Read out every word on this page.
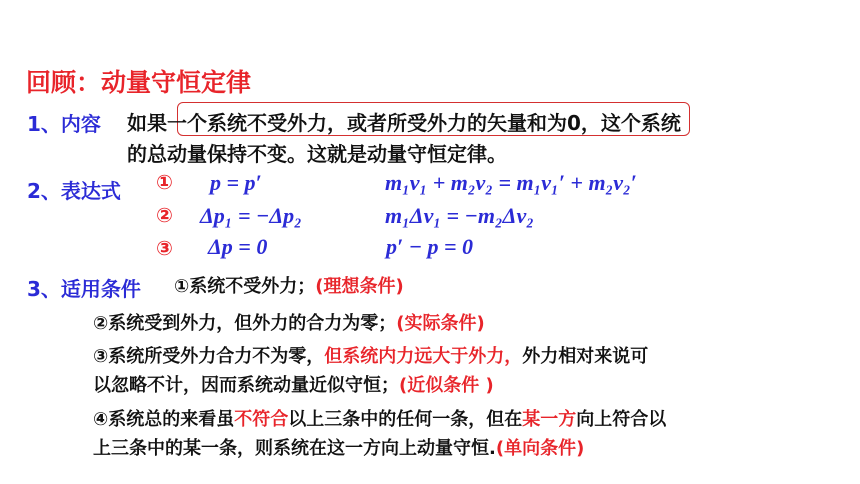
回顾：动量守恒定律
1、内容 如果一个系统不受外力，或者所受外力的矢量和为0，这个系统
的总动量保持不变。这就是动量守恒定律。
2、表达式 ① p = p′	m₁v₁ + m₂v₂ = m₁v₁′ + m₂v₂′
② Δp₁ = −Δp₂	m₁Δv₁ = −m₂Δv₂
③ Δp = 0	p′ − p = 0
3、适用条件 ①系统不受外力；(理想条件)
②系统受到外力，但外力的合力为零；(实际条件)
③系统所受外力合力不为零，但系统内力远大于外力，外力相对来说可
以忽略不计，因而系统动量近似守恒；(近似条件 )
④系统总的来看虽不符合以上三条中的任何一条，但在某一方向上符合以
上三条中的某一条，则系统在这一方向上动量守恒.(单向条件)
